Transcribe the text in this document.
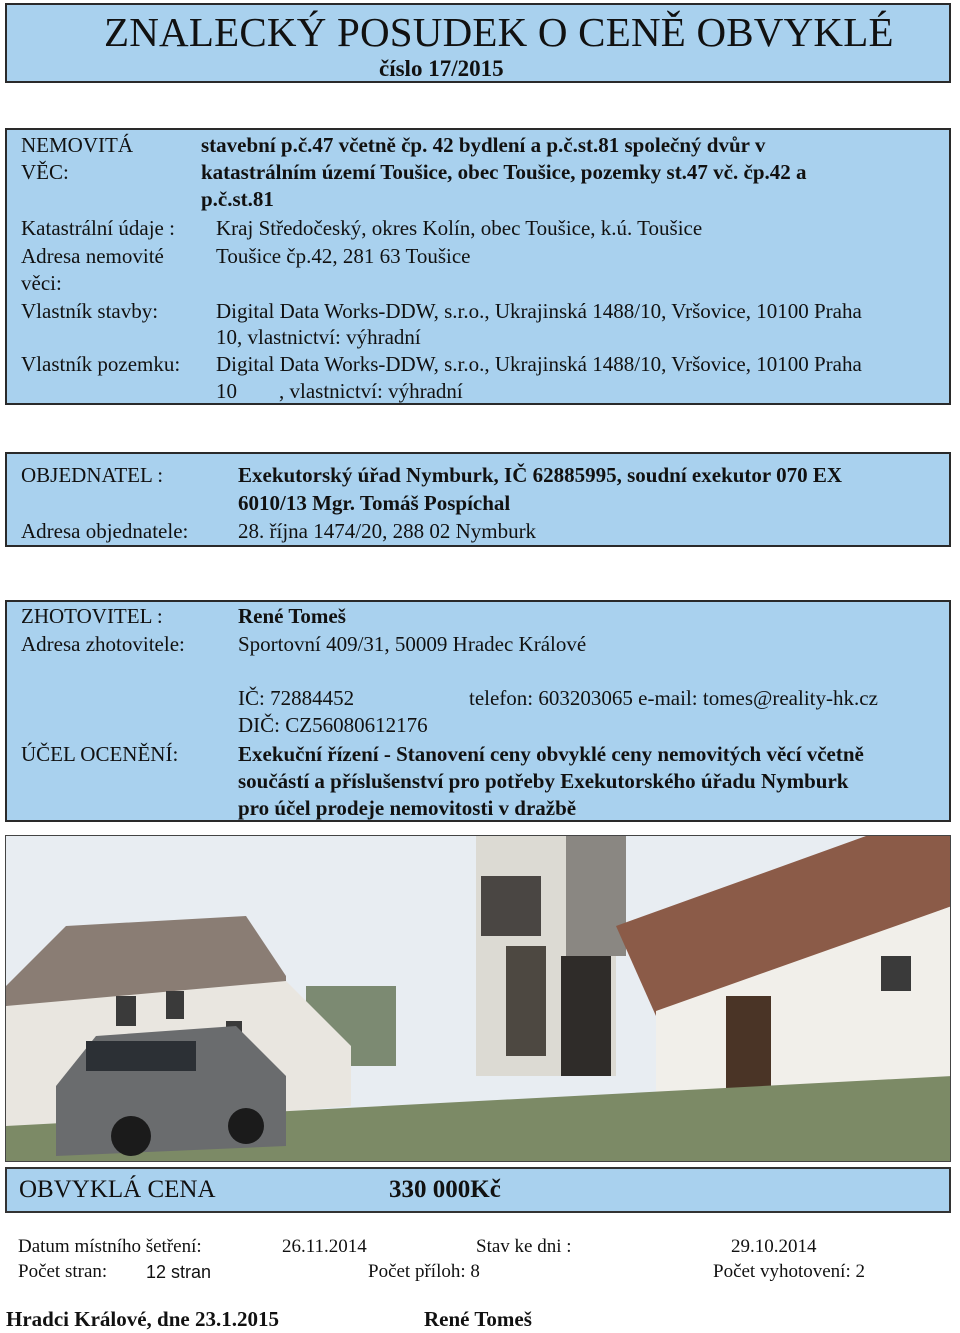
ZNALECKÝ POSUDEK O CENĚ OBVYKLÉ
číslo 17/2015
NEMOVITÁ
VĚC:
stavební p.č.47 včetně čp. 42 bydlení a p.č.st.81 společný dvůr v
katastrálním území Toušice, obec Toušice, pozemky st.47 vč. čp.42 a
p.č.st.81
Katastrální údaje : Kraj Středočeský, okres Kolín, obec Toušice, k.ú. Toušice
Adresa nemovité
věci:
Toušice čp.42, 281 63 Toušice
Vlastník stavby:	Digital Data Works-DDW, s.r.o., Ukrajinská 1488/10, Vršovice, 10100 Praha
10, vlastnictví: výhradní
Vlastník pozemku: Digital Data Works-DDW, s.r.o., Ukrajinská 1488/10, Vršovice, 10100 Praha
10        , vlastnictví: výhradní
OBJEDNATEL :	Exekutorský úřad Nymburk, IČ 62885995, soudní exekutor 070 EX
6010/13 Mgr. Tomáš Pospíchal
Adresa objednatele: 28. října 1474/20, 288 02 Nymburk
ZHOTOVITEL :	René Tomeš
Adresa zhotovitele:	Sportovní 409/31, 50009 Hradec Králové
IČ: 72884452	telefon: 603203065 e-mail: tomes@reality-hk.cz
DIČ: CZ56080612176
ÚČEL OCENĚNÍ:	Exekuční řízení - Stanovení ceny obvyklé ceny nemovitých věcí včetně
součástí a příslušenství pro potřeby Exekutorského úřadu Nymburk
pro účel prodeje nemovitosti v dražbě
OBVYKLÁ CENA	330 000Kč
Datum místního šetření:	26.11.2014	Stav ke dni :	29.10.2014
Počet stran: 12 stran	Počet příloh: 8	Počet vyhotovení: 2
Hradci Králové, dne 23.1.2015	René Tomeš
